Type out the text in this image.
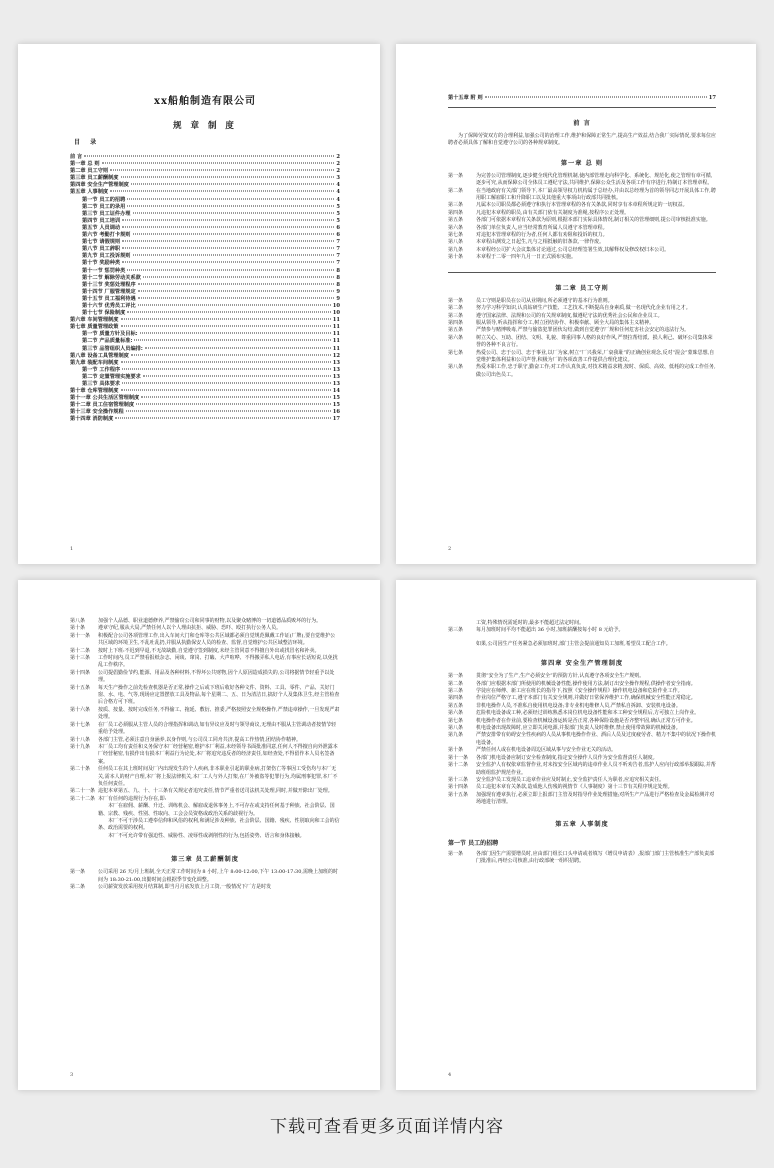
xx船舶制造有限公司
规 章 制 度
目 录
前 言	2
第一章 总 则	2
第二章 员工守则	2
第三章 员工薪酬制度	3
第四章 安全生产管理制度	4
第五章 人事制度	4
第一节 员工的招聘	4
第二节 员工的录用	5
第三节 员工证件办理	5
第四节 员工培训	5
第五节 人员调动	6
第六节 考勤打卡规则	6
第七节 请假规则	7
第八节 员工辞职	7
第九节 员工投诉规则	7
第十节 奖励种类	7
第十一节 惩罚种类	8
第十二节 解除劳动关系款	8
第十三节 奖惩处理程序	8
第十四节 厂服管理规定	9
第十五节 员工福利待遇	9
第十六节 优秀员工评比	10
第十七节 保险制度	10
第六章 车间管理制度	11
第七章 质量管理政策	11
第一节 质量方针及目标:	11
第二节 产品质量标准:	11
第三节 品管组织人员编排:	11
第八章 设备工具管理制度	12
第九章 装配车间制度	13
第一节 工作程序	13
第二节 定置管理实施要求	13
第三节 具体要求	13
第十章 仓库管理制度	14
第十一章 公共生活区管理制度	15
第十二章 员工住宿管理制度	15
第十三章 安全操作规程	16
第十四章 消防制度	17
1
第十五章 附 则	17
前 言

为了保障劳资双方的合理利益,加强公司的治理工作,维护和保障正常生产,提高生产效益,结合我厂实际情况,要求每位应聘者必须具体了解和自觉遵守公司的各种规章制度。

第一章 总 则
第一条	为完善公司管理制度,逐步健全现代化管理机制,使内部管理走向科学化、系统化、规范化,使之管理有章可循,逐步可究,从而保障公司全体员工遵纪守法,共同维护,保障公众生活及各项工作有序进行,特制订本管理章程。
第二条	在当地政府有关部门领导下,本厂最高领导权力机构属于总经办,并由以总经理为首的领导同志开展具体工作,聘用职工解雇职工和升降职工以及其他重大事项由行政部共同批核。
第三条	凡属本公司职员都必须遵守和执行本管理章程的各有关条款,同时享有本章程所规定的一切权益。
第四条	凡违犯本章程的职员,由有关部门依有关制度为准绳,按程序公正处理。
第五条	各部门可依据本章程有关条款为原则,根据本部门实际具体情况,制订相关的管理细则,提公司审核批准实施。
第六条	各部门单位负责人,应当经常教育所属人员遵守本管理章程。
第七条	对违犯本管理章程的行为者,任何人都有劝阻和投诉的权力。
第八条	本章程由测发之日起生,凡与之相抵触的旧条款,一律作废。
第九条	本章程经公司扩大会议集体讨论通过,公司总经理签署生效,其解释权及修改权归本公司。
第十条	本章程于二零一四年九月一日正式颁布实施。
第二章 员工守则
第一条	员工守则是职员在公司从业期间,所必须遵守的基本行为准则。
第二条	努力学习科学知识,认真钻研生产技能、工艺技术,不断提高自身素质,做一名现代化企业有用之才。
第三条	遵守国家法律、法规和公司的有关规章制度,做遵纪守法的优秀社会公民和企业员工。
第四条	服从领导,听从指挥和分工,树立团结协作、积极奉献、顾全大局的集体主义精神。
第五条	严禁参与赌博吸毒,严禁与偷盗犯罪团伙勾结,做到自觉遵守厂规和任何危害社会安定的违法行为。
第六条	树立关心、互助、团结、文明、礼貌、尊重同事人格的良好作风,严禁拉帮结派、损人利己、破坏公司集体荣誉的各种不良言行。
第七条	热爱公司、忠于公司、忠于事业,以厂为家,树立“厂兴我荣,厂衰我耻”的正确创业观念,反对“混会”蒙昧思想,自觉维护集体利益和公司声誉,积极为厂的各项改善工作提供合理化建议。
第八条	热爱本职工作,忠于职守,勤奋工作;对工作认真负责,对技术精益求精,按时、保质、高效、低耗的完成工作任务,做公司出色员工。
2
第八条	加强个人品德、职业道德修养,严禁偷窃公司和同事的财物,以及聚众赌博的一切道德品质败坏的行为。
第十条	遵章守纪,服从大局,严禁任何人以个人理由抗拒、威胁、恐吓、殴打执行公务人员。
第十一条	积极配合公司各项管理工作,出入车间大门和仓库等公共区域都必须自觉规范佩戴工作证(厂牌),要自觉维护公共区域的环境卫生,不乱吐乱扔,并服从执勤保安人员的检查、监督,自觉维护公共区域整洁环境。
第十二条	按时上下班:不迟到早退,不无故缺勤,自觉遵守签到制度,未经主管同意不得擅自外出或找冒名和补卖。
第十三条	工作时间内,员工严禁看报纸杂志、闲谈、窜岗、打瞌、大声喧哗、不得搬弄私人电话,有事应长话短说,以免扰乱工作秩序。
第十四条	公司提倡勤俭节约,能源、用品及各种材料,不得坏公共财物,因个人原因造成损失的,公司将据情节轻重予以处理。
第十五条	每天生产操作之前先检查机器是否正常,操作之后或下班后收好各种文件、资料、工具、零件、产品、关好门窗、水、电、气等,现场应定置摆放工具及物品,每个星期二、五、日为清洁日,搞好个人及集体卫生,经主管检查后合格方可下班。
第十六条	按质、按量、按时完成任务,不得偷工、拖延、敷衍、推委,严格按照安全规格操作,严禁违章操作,一旦发现严肃处理。
第十七条	在厂员工必须服从主管人员的合理指挥和调动,如有异议应及时与领导商议,无理由不服从主管调动者按情节轻重给予处理。
第十八条	各部门主管,必须注意自身涵养,以身作则,与公司员工同舟共济,提高工作热情,团结协作精神。
第十九条	本厂员工均有责任和义务保守本厂经营秘密,维护本厂利益,未经领导书面批准同意,任何人不得擅自向外泄露本厂经营秘密,有损作出有损本厂利益行为论处,本厂将追究违反者的经济责任,如经查处,不得留作本人员名签备案。
第二十条	任何员工在其上班时间及厂内出现发生的个人疾病,非本职业引起的职业病,打架伤亡等事因工受伤均与本厂无关,需本人的财产自理,本厂将上报法律机关,本厂工人与外人打架,在厂外被盗等犯罪行为,均属刑事犯罪,本厂不负任何责任。
第二十一条 违犯本章第五、九、十、十三条有关规定者追究责任,情节严重者送司法机关处理,同时,并做开除出厂处理。
第二十二条 本厂有任何的违规行为存在,即:

本厂在雇佣、薪酬、升迁、训练机会、解雇或退休事务上,不可存在或支持任何基于种族、社会阶层、国籍、宗教、残疾、性别、性取向、工会会员资格或政治关系的歧视行为。

本厂不可干涉员工遵奉信仰和风俗的权利,和满足涉及种族、社会阶层、国籍、残疾、性别取向和工会的信条、政治需要的权利。

本厂不可允许带有强迫性、威胁性、凌辱性或剥削性的行为,包括姿势、语言和身体接触。

第三章 员工薪酬制度
第一条	公司采用 26 天/月上班制,全天正常工作时间为 8 小时,上午 8:00-12:00,下午 13:00-17:30,需晚上加班的时间为 18:30-21:00,出勤时间会根据季节变化调整。
第二条	公司薪资发放采用按月结算制,即当月月底发放上月工资,一般情况下厂方是时发
3

工资,特殊情况需延时的,最多不能超过法定时间。

第三条	每月加班时间平均不能超出 36 小时,加班薪酬按每小时 8 元给予。

如果,公司因生产任务紧急必须加班时,部门主管会提前通知员工加班,希望员工配合工作。

第四章 安全生产管理制度
第一条	贯彻“安全为了生产,生产必须安全”的预防方针,认真遵守各项安全生产规则。
第二条	各部门应根据本部门所使用的机械设备性能,操作使用方法,制订出安全操作规程,供操作者安全指南。
第三条	学徒应在师傅、新工应在班长的指导下,按照《安全操作规程》操作机电设备和危险作业工作。
第四条	作业岗位严格守工,遵守本部门有关安全规则,并做好日常保养维护工作,确保机械安全性能正常稳定。
第五条	非机电操作人员,不准私自使用机电设备;非专业机电维修人员,严禁私自拆卸、安装机电设备。
第六条	危险机电设备或工种,必须经过训练熟悉本岗位机电设备性能和本工种安全规程后,方可独立上岗作业。
第七条	机电操作者在作业前,要检查机械设备运转是否正常,各种保险设施是否齐整牢固,确认正常方可作业。
第八条	机电设备出现故障时,应立即关闭电源,并报部门负责人及时维修,禁止使用带故障的机械设备。
第九条	严禁安排带有妨碍安全性疾病的人员从事机电操作作业、酒后人员及过度疲劳者、精力不集中的状况下操作机电设备。
第十条	严禁任何人或在机电设备周边区域从事与安全作业无关的活动。
第十一条	各部门机电设备应制订安全检查制度,指定安全操作人员作为安全监督责任人制度。
第十二条	安全监护人有权依章监督作业,对未按安全区域内的违章作业人员不听劝告者,监护人应向行政部举报跟踪,并帮助班组监护规范作业。
第十三条	安全监护员工发现员工违章作业应及时制止,安全监护责任人为职者,应追究相关责任。
第十四条	员工违犯本章有关条款,造成他人伤残的视情节《人事制度》第十三节有关程序规定处理。
第十五条	加强现有遵章执行,必须立即上报部门主管及时指导作业处理措施;对所生产产品进行严格检查及金属检测并对场地进行清理。
第五章 人事制度
第一节 员工的招聘
第一条	各部门因生产需要增员时,应由部门组长口头申请或者填写《增员申请表》,报部门部门主管核准生产部负责部门批准后,再经公司核准,由行政部统一组织招聘。
4
下载可查看更多页面详情内容
